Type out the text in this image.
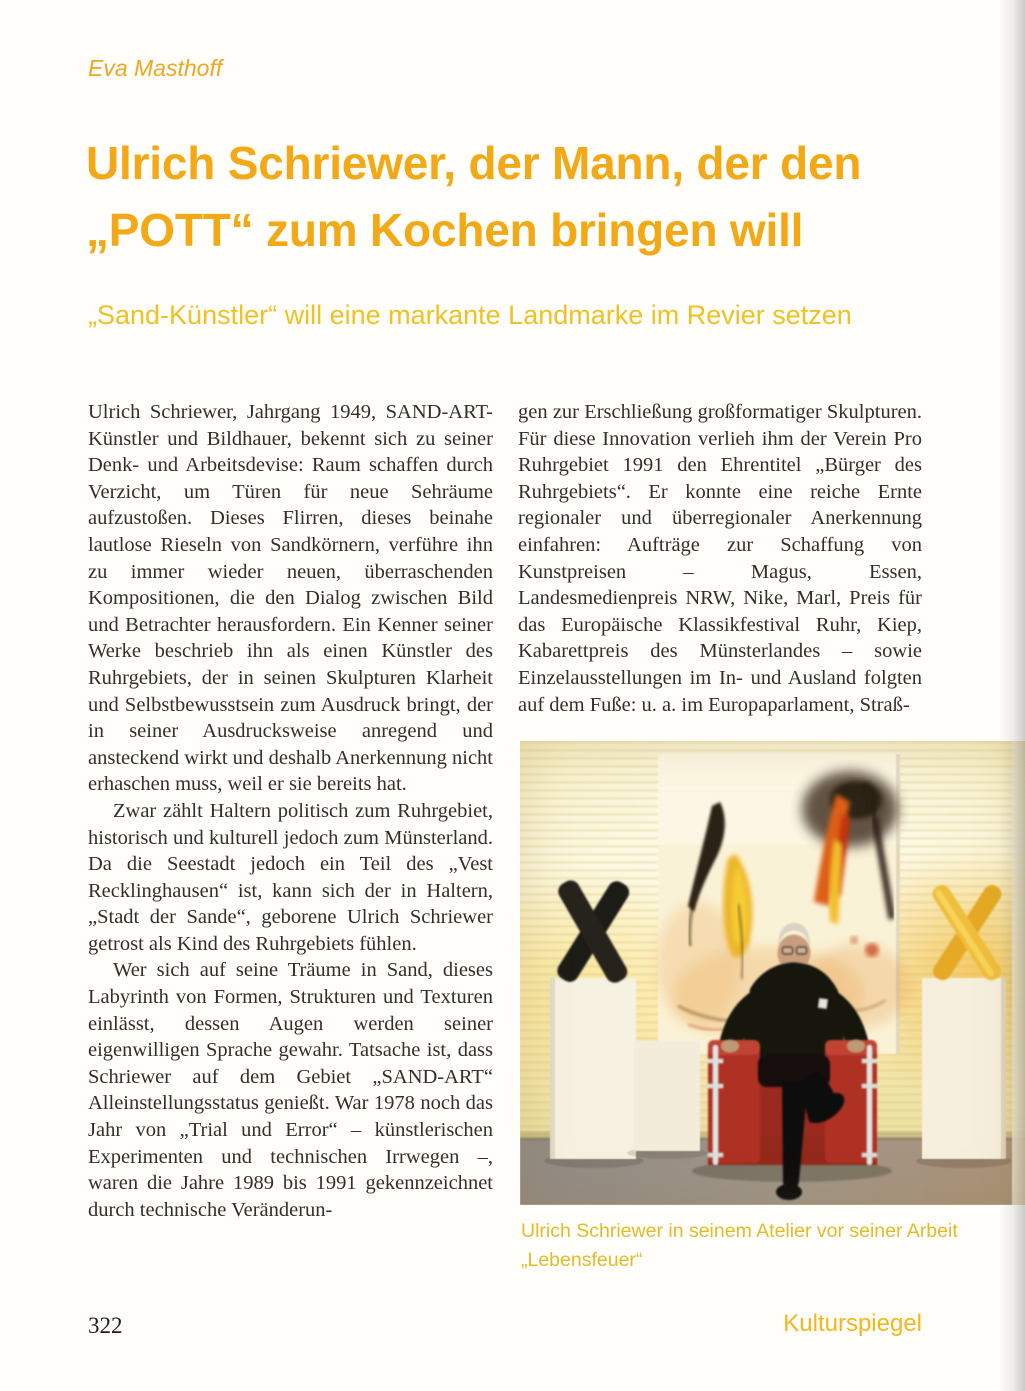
Eva Masthoff
Ulrich Schriewer, der Mann, der den
„POTT“ zum Kochen bringen will
„Sand-Künstler“ will eine markante Landmarke im Revier setzen

Ulrich Schriewer, Jahrgang 1949, SAND-ART-Künstler und Bildhauer, bekennt sich zu seiner Denk- und Arbeitsdevise: Raum schaffen durch Verzicht, um Türen für neue Sehräume aufzustoßen. Dieses Flirren, dieses beinahe lautlose Rieseln von Sandkörnern, verführe ihn zu immer wieder neuen, überraschenden Kompositionen, die den Dialog zwischen Bild und Betrachter herausfordern. Ein Kenner seiner Werke beschrieb ihn als einen Künstler des Ruhrgebiets, der in seinen Skulpturen Klarheit und Selbstbewusstsein zum Ausdruck bringt, der in seiner Ausdrucksweise anregend und ansteckend wirkt und deshalb Anerkennung nicht erhaschen muss, weil er sie bereits hat.

Zwar zählt Haltern politisch zum Ruhrgebiet, historisch und kulturell jedoch zum Münsterland. Da die Seestadt jedoch ein Teil des „Vest Recklinghausen“ ist, kann sich der in Haltern, „Stadt der Sande“, geborene Ulrich Schriewer getrost als Kind des Ruhrgebiets fühlen.

Wer sich auf seine Träume in Sand, dieses Labyrinth von Formen, Strukturen und Texturen einlässt, dessen Augen werden seiner eigenwilligen Sprache gewahr. Tatsache ist, dass Schriewer auf dem Gebiet „SAND-ART“ Alleinstellungsstatus genießt. War 1978 noch das Jahr von „Trial und Error“ – künstlerischen Experimenten und technischen Irrwegen –, waren die Jahre 1989 bis 1991 gekennzeichnet durch technische Veränderun-

gen zur Erschließung großformatiger Skulpturen. Für diese Innovation verlieh ihm der Verein Pro Ruhrgebiet 1991 den Ehrentitel „Bürger des Ruhrgebiets“. Er konnte eine reiche Ernte regionaler und überregionaler Anerkennung einfahren: Aufträge zur Schaffung von Kunstpreisen – Magus, Essen, Landesmedienpreis NRW, Nike, Marl, Preis für das Europäische Klassikfestival Ruhr, Kiep, Kabarettpreis des Münsterlandes – sowie Einzelausstellungen im In- und Ausland folgten auf dem Fuße: u. a. im Europaparlament, Straß-

Ulrich Schriewer in seinem Atelier vor seiner Arbeit
„Lebensfeuer“
322	Kulturspiegel
